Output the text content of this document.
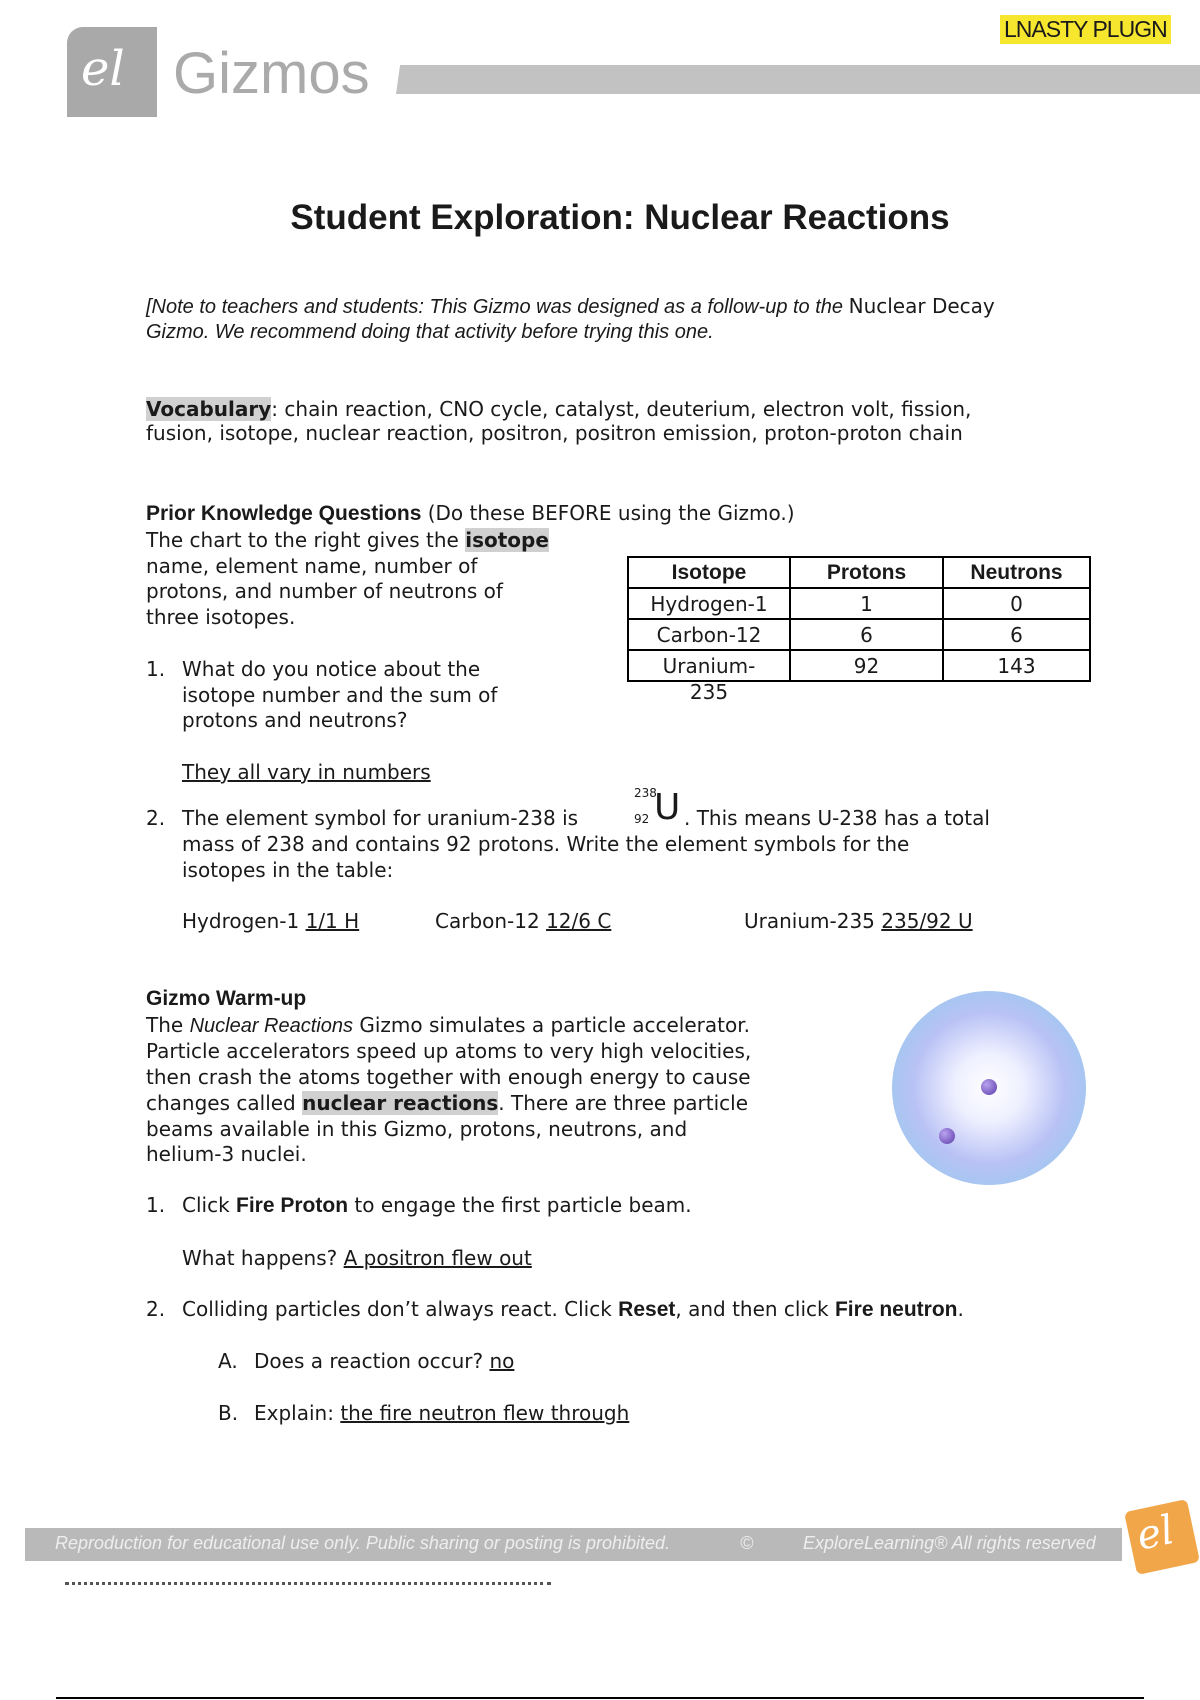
el Gizmos
LNASTY PLUGN
Student Exploration: Nuclear Reactions
[Note to teachers and students: This Gizmo was designed as a follow-up to the Nuclear Decay
Gizmo. We recommend doing that activity before trying this one.
Vocabulary: chain reaction, CNO cycle, catalyst, deuterium, electron volt, fission,
fusion, isotope, nuclear reaction, positron, positron emission, proton-proton chain
Prior Knowledge Questions (Do these BEFORE using the Gizmo.)
The chart to the right gives the isotope
name, element name, number of
protons, and number of neutrons of
three isotopes.
1. What do you notice about the
isotope number and the sum of
protons and neutrons?
They all vary in numbers
2. The element symbol for uranium-238 is
238
92 U . This means U-238 has a total
mass of 238 and contains 92 protons. Write the element symbols for the
isotopes in the table:
Hydrogen-1 1/1 H	Carbon-12 12/6 C	Uranium-235 235/92 U
Isotope	Protons	Neutrons
Hydrogen-1	1	0
Carbon-12	6	6

Uranium-235	92	143
Gizmo Warm-up
The Nuclear Reactions Gizmo simulates a particle accelerator.
Particle accelerators speed up atoms to very high velocities,
then crash the atoms together with enough energy to cause
changes called nuclear reactions. There are three particle
beams available in this Gizmo, protons, neutrons, and
helium-3 nuclei.
1. Click Fire Proton to engage the first particle beam.
What happens? A positron flew out
2. Colliding particles don’t always react. Click Reset, and then click Fire neutron.
A. Does a reaction occur? no
B. Explain: the fire neutron flew through
Reproduction for educational use only. Public sharing or posting is prohibited.	©	ExploreLearning® All rights reserved el
